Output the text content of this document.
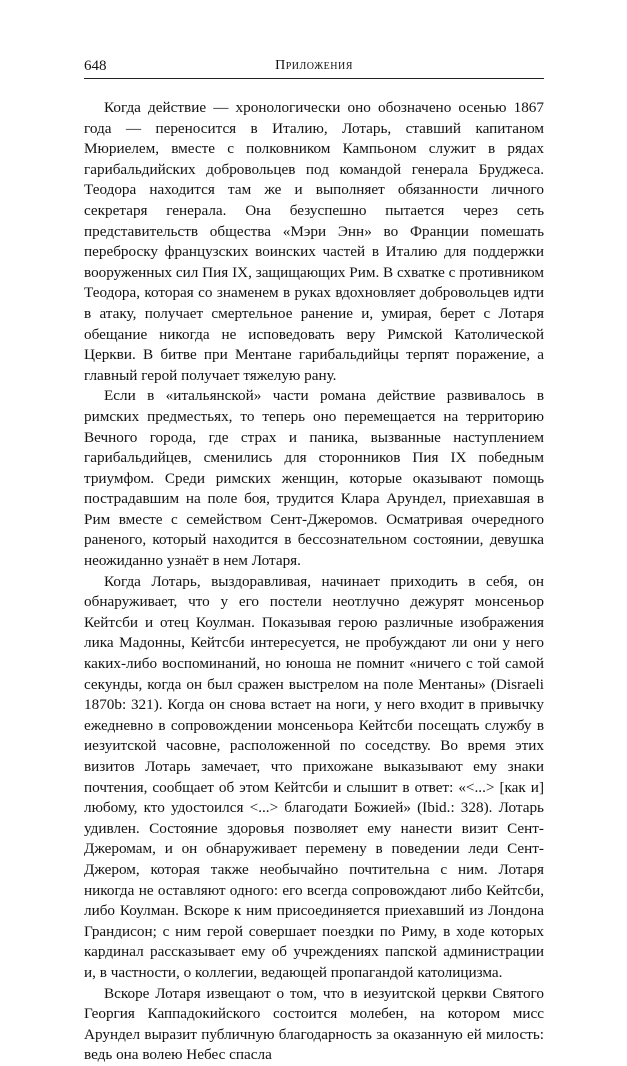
648	Приложения

Когда действие — хронологически оно обозначено осенью 1867 года — переносится в Италию, Лотарь, ставший капитаном Мюриелем, вместе с полковником Кампьоном служит в рядах гарибальдийских добровольцев под командой генерала Бруджеса. Теодора находится там же и выполняет обязанности личного секретаря генерала. Она безуспешно пытается через сеть представительств общества «Мэри Энн» во Франции помешать переброску французских воинских частей в Италию для поддержки вооруженных сил Пия IX, защищающих Рим. В схватке с противником Теодора, которая со знаменем в руках вдохновляет добровольцев идти в атаку, получает смертельное ранение и, умирая, берет с Лотаря обещание никогда не исповедовать веру Римской Католической Церкви. В битве при Ментане гарибальдийцы терпят поражение, а главный герой получает тяжелую рану.

Если в «итальянской» части романа действие развивалось в римских предместьях, то теперь оно перемещается на территорию Вечного города, где страх и паника, вызванные наступлением гарибальдийцев, сменились для сторонников Пия IX победным триумфом. Среди римских женщин, которые оказывают помощь пострадавшим на поле боя, трудится Клара Арундел, приехавшая в Рим вместе с семейством Сент-Джеромов. Осматривая очередного раненого, который находится в бессознательном состоянии, девушка неожиданно узнаёт в нем Лотаря.

Когда Лотарь, выздоравливая, начинает приходить в себя, он обнаруживает, что у его постели неотлучно дежурят монсеньор Кейтсби и отец Коулман. Показывая герою различные изображения лика Мадонны, Кейтсби интересуется, не пробуждают ли они у него каких-либо воспоминаний, но юноша не помнит «ничего с той самой секунды, когда он был сражен выстрелом на поле Ментаны» (Disraeli 1870b: 321). Когда он снова встает на ноги, у него входит в привычку ежедневно в сопровождении монсеньора Кейтсби посещать службу в иезуитской часовне, расположенной по соседству. Во время этих визитов Лотарь замечает, что прихожане выказывают ему знаки почтения, сообщает об этом Кейтсби и слышит в ответ: «<...> [как и] любому, кто удостоился <...> благодати Божией» (Ibid.: 328). Лотарь удивлен. Состояние здоровья позволяет ему нанести визит Сент-Джеромам, и он обнаруживает перемену в поведении леди Сент-Джером, которая также необычайно почтительна с ним. Лотаря никогда не оставляют одного: его всегда сопровождают либо Кейтсби, либо Коулман. Вскоре к ним присоединяется приехавший из Лондона Грандисон; с ним герой совершает поездки по Риму, в ходе которых кардинал рассказывает ему об учреждениях папской администрации и, в частности, о коллегии, ведающей пропагандой католицизма.

Вскоре Лотаря извещают о том, что в иезуитской церкви Святого Георгия Каппадокийского состоится молебен, на котором мисс Арундел выразит публичную благодарность за оказанную ей милость: ведь она волею Небес спасла
